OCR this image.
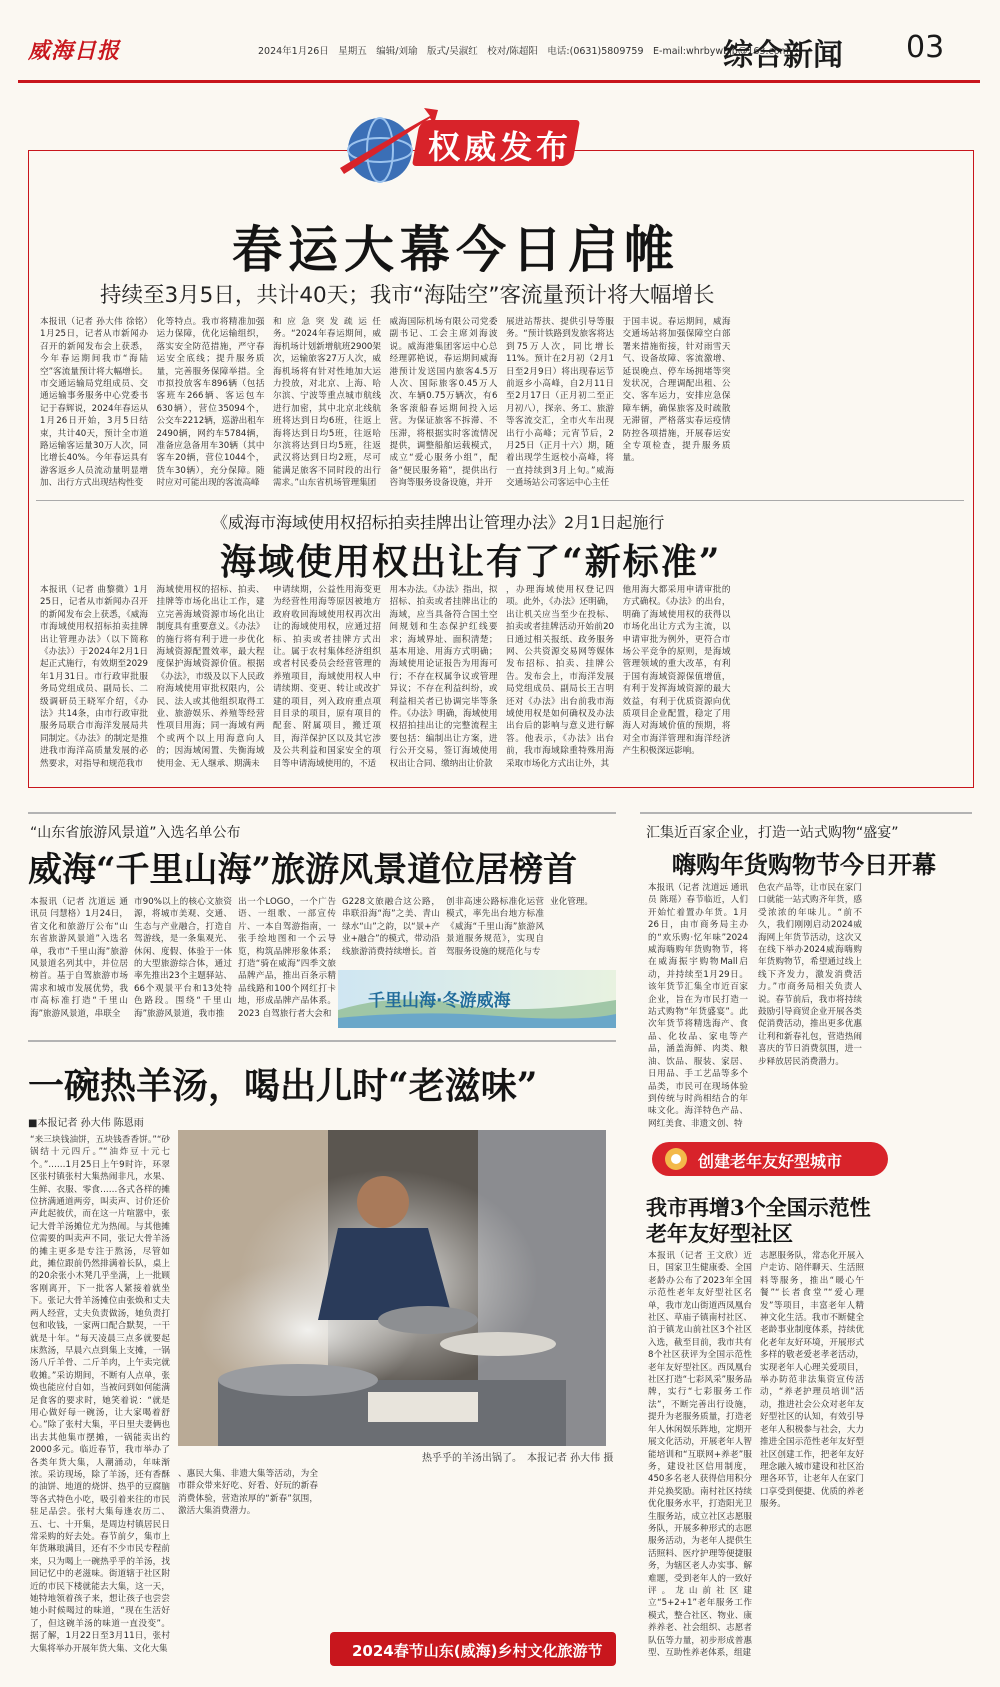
威海日报	2024年1月26日　星期五　编辑/刘瑜　版式/吴淑红　校对/陈超阳　电话:(0631)5809759　E-mail:whrbywbjb@163.com
综合新闻 03
权威发布
春运大幕今日启帷
持续至3月5日，共计40天；我市“海陆空”客流量预计将大幅增长
本报讯（记者 孙大伟 徐铭）1月25日，记者从市新闻办召开的新闻发布会上获悉，今年春运期间我市“海陆空”客流量预计将大幅增长。市交通运输局党组成员、交通运输事务服务中心党委书记于春辉说，2024年春运从1月26日开始，3月5日结束，共计40天，预计全市道路运输客运量30万人次，同比增长40%。今年春运具有游客返乡人员流动量明显增加、出行方式出现结构性变
化等特点。我市将精准加强运力保障，优化运输组织，落实安全防范措施，严守春运安全底线；提升服务质量，完善服务保障举措。全市拟投放客车896辆（包括客班车266辆、客运包车630辆），营位35094个，公交车2212辆，巡游出租车2490辆，网约车5784辆，准备应急备用车30辆（其中客车20辆，营位1044个，货车30辆），充分保障。随时应对可能出现的客流高峰
和应急突发疏运任务。“2024年春运期间，威海机场计划新增航班2900架次，运输旅客27万人次，威海机场将有针对性地加大运力投放，对北京、上海、哈尔滨、宁波等重点城市航线进行加密，其中北京北线航班将达到日均6班，往返上海将达到日均5班，往返哈尔滨将达到日均5班，往返武汉将达到日均2班，尽可能满足旅客不同时段的出行需求。”山东省机场管理集团
威海国际机场有限公司党委副书记、工会主席刘海波说。威海港集团客运中心总经理郭艳说，春运期间威海港预计发送国内旅客4.5万人次、国际旅客0.45万人次、车辆0.75万辆次，有6条客滚船春运期间投入运营。为保证旅客不拆滞、不压滞，将根据实时客流情况提供，调整船舶运载模式，成立“爱心服务小组”，配备“便民服务箱”，提供出行咨询等服务设备设施，并开
展进站帮扶、提供引导等服务。“预计铁路到发旅客将达到75万人次，同比增长11%。预计在2月初（2月1日至2月9日）将出现春运节前返乡小高峰，自2月11日至2月17日（正月初二至正月初八），探亲、务工、旅游等客流交汇，全市火车出现出行小高峰；元宵节后，2月25日（正月十六）期，随着出现学生返校小高峰，将一直持续到3月上旬。”威海交通场站公司客运中心主任
于国丰说。春运期间，威海交通场站将加强保障空白部署来措施衔接，针对雨雪天气、设备故障、客流激增、延误晚点、停车场拥堵等突发状况，合理调配出租、公交、客车运力，安排应急保障车辆，确保旅客及时疏散无滞留，严格落实春运疫情防控各项措施，开展春运安全专项检查，提升服务质量。
《威海市海域使用权招标拍卖挂牌出让管理办法》2月1日起施行
海域使用权出让有了“新标准”
本报讯（记者 曲黎微）1月25日，记者从市新闻办召开的新闻发布会上获悉，《威海市海域使用权招标拍卖挂牌出让管理办法》（以下简称《办法》）于2024年2月1日起正式施行，有效期至2029年1月31日。市行政审批服务局党组成员、副局长、二级调研员王晓军介绍，《办法》共14条，由市行政审批服务局联合市海洋发展局共同制定。《办法》的制定是推进我市海洋高质量发展的必然要求，对指导和规范我市
海域使用权的招标、拍卖、挂牌等市场化出让工作，建立完善海域资源市场化出让制度具有重要意义。《办法》的施行将有利于进一步优化海域资源配置效率，最大程度保护海域资源价值。根据《办法》，市级及以下人民政府海域使用审批权限内，公民、法人或其他组织取得工业、旅游娱乐、养殖等经营性项目用海；同一海域有两个或两个以上用海意向人的；因海域闲置、失衡海域使用金、无人继承、期满未
申请续期，公益性用海变更为经营性用海等原因被地方政府收回海域使用权再次出让的海域使用权，应通过招标、拍卖或者挂牌方式出让。属于农村集体经济组织或者村民委员会经营管理的养殖项目，海域使用权人申请续期、变更、转让或改扩建的项目，列入政府重点项目目录的项目，原有项目的配套、附属项目，搬迁项目，海洋保护区以及其它涉及公共利益和国家安全的项目等申请海域使用的，不适
用本办法。《办法》指出，拟招标、拍卖或者挂牌出让的海域，应当具备符合国土空间规划和生态保护红线要求；海域界址、面积清楚；基本用途、用海方式明确；海域使用论证报告为用海可行；不存在权属争议或管理异议；不存在利益纠纷，或利益相关者已协调完毕等条件。《办法》明确，海域使用权招拍挂出让的完整流程主要包括：编制出让方案，进行公开交易，签订海域使用权出让合同、缴纳出让价款
，办理海域使用权登记四项。此外，《办法》还明确，出让机关应当至少在投标、拍卖或者挂牌活动开始前20日通过相关报纸、政务服务网、公共资源交易网等媒体发布招标、拍卖、挂牌公告。发布会上，市海洋发展局党组成员、副局长王吉明还对《办法》出台前我市海域使用权是如何确权及办法出台后的影响与意义进行解答。他表示，《办法》出台前，我市海域除重特殊用海采取市场化方式出让外，其
他用海大都采用申请审批的方式确权。《办法》的出台，明确了海域使用权的获得以市场化出让方式为主流，以申请审批为例外，更符合市场公平竞争的原则，是海域管理领域的重大改革，有利于国有海域资源保值增值，有利于发挥海域资源的最大效益，有利于优质资源向优质项目企业配置，稳定了用海人对海域价值的预期，将对全市海洋管理和海洋经济产生积极深远影响。
“山东省旅游风景道”入选名单公布
威海“千里山海”旅游风景道位居榜首
本报讯（记者 沈道远 通讯员 闫慧格）1月24日，省文化和旅游厅公布“山东省旅游风景道”入选名单，我市“千里山海”旅游风景道名列其中，并位居榜首。基于自驾旅游市场需求和城市发展优势，我市高标准打造“千里山海”旅游风景道，串联全
市90%以上的核心文旅资源，将城市美观、交通、生态与产业融合，打造自驾游线，是一条集观光、休闲、度假、体验于一体的大型旅游综合体，通过率先推出23个主题驿站、66个观景平台和13处特色路段。围绕“千里山海”旅游风景道，我市推
出一个LOGO，一个广告语、一组歌、一部宣传片、一本自驾游指南，一张手绘地图和一个云导览，构筑品牌形象体系；打造“骑在威海”四季文旅品牌产品，推出百条示精品线路和100个网红打卡地，形成品牌产品体系。2023 自驾旅行者大会和
G228文旅融合这公路，串联沿海“海”之美、青山绿水“山”之韵，以“景+产业+融合”的模式，带动沿线旅游消费持续增长。首
创非高速公路标准化运营模式，率先出台地方标准《威海“千里山海”旅游风景道服务规范》，实现自驾服务设施的规范化与专
业化管理。
千里山海·冬游威海
汇集近百家企业，打造一站式购物“盛宴”
嗨购年货购物节今日开幕
本报讯（记者 沈道远 通讯员 陈瑶）春节临近，人们开始忙着置办年货。1月26日，由市商务局主办的“欢乐购·忆年味”2024威海嗨购年货购物节，将在威海振宇购物Mall启动，并持续至1月29日。该年货节汇集全市近百家企业，旨在为市民打造一站式购物“年货盛宴”。此次年货节将精选海产、食品、化妆品、家电等产品，涵盖海鲜、肉类、粮油、饮品、服装、家居、日用品、手工艺品等多个品类，市民可在现场体验到传统与时尚相结合的年味文化。海洋特色产品、网红美食、非遗文创、特
色农产品等，让市民在家门口就能一站式购齐年货，感受浓浓的年味儿。“前不久，我们刚刚启动2024威海网上年货节活动，这次又在线下举办2024威海嗨购年货购物节，希望通过线上线下齐发力，激发消费活力。”市商务局相关负责人说。春节前后，我市将持续鼓励引导商贸企业开展各类促消费活动，推出更多优惠让利和新春礼包，营造热闹喜庆的节日消费氛围，进一步释放居民消费潜力。
一碗热羊汤，喝出儿时“老滋味”
■本报记者 孙大伟 陈恩雨
热乎乎的羊汤出锅了。　本报记者 孙大伟 摄
“来三块钱油饼，五块钱香香饼。”“砂锅结十元四斤。”“油炸豆十元七个。”……1月25日上午9时许，环翠区张村镇张村大集热闹非凡，水果、生鲜、衣服、零食……各式各样的摊位挤满通道两旁，叫卖声、讨价还价声此起彼伏，而在这一片喧嚣中，张记大骨羊汤摊位尤为热闹。与其他摊位需要的叫卖声不同，张记大骨羊汤的摊主更多是专注于熬汤，尽管如此，摊位跟前仍然排满着长队，桌上的20余张小木凳几乎坐满，上一批顾客刚离开，下一批客人紧接着就坐下。张记大骨羊汤摊位由张焕和丈夫两人经营，丈夫负责做汤，她负责打包和收钱，一家两口配合默契，一干就是十年。“每天凌晨三点多就要起床熬汤，早晨六点到集上支摊，一锅汤八斤羊骨、二斤羊肉，上午卖完就收摊。”采访期间，不断有人点单，张焕也能应付自如，当被问到如何能满足食客的要求时，她笑着说：“就是用心做好每一碗汤，让大家喝着舒心。”除了张村大集，平日里夫妻俩也出去其他集市摆摊，一锅能卖出约2000多元。临近春节，我市举办了各类年货大集，人潮涌动，年味渐浓。采访现场，除了羊汤，还有香酥的油饼、地道的烧饼、热乎的豆腐脑等各式特色小吃，吸引着来往的市民驻足品尝。张村大集每逢农历二、五、七、十开集，是周边村镇居民日常采购的好去处。春节前夕，集市上年货琳琅满目，还有不少市民专程前来，只为喝上一碗热乎乎的羊汤，找回记忆中的老滋味。街道辖于社区附近的市民下楼就能去大集，这一天，她特地领着孩子来，想让孩子也尝尝她小时候喝过的味道，“现在生活好了，但这碗羊汤的味道一直没变”。据了解，1月22日至3月11日，张村大集将举办开展年货大集、文化大集
、惠民大集、非遗大集等活动，为全市群众带来好吃、好看、好玩的新春消费体验，营造浓厚的“新春”氛围，激活大集消费潜力。
2024春节山东(威海)乡村文化旅游节
创建老年友好型城市
我市再增3个全国示范性
老年友好型社区
本报讯（记者 王文欣）近日，国家卫生健康委、全国老龄办公布了2023年全国示范性老年友好型社区名单，我市龙山街道西凤凰台社区、草庙子镇南村社区、泊于镇龙山前社区3个社区入选，截至目前，我市共有8个社区获评为全国示范性老年友好型社区。西凤凰台社区打造“七彩风采”服务品牌，实行“七彩服务工作法”，不断完善出行设施，提升为老服务质量，打造老年人休闲娱乐阵地，定期开展文化活动，开展老年人智能培训和“互联网+养老”服务，建设社区信用制度，450多名老人获得信用积分并兑换奖励。南村社区持续优化服务水平，打造阳光卫生服务站，成立社区志愿服务队，开展多种形式的志愿服务活动，为老年人提供生活照料、医疗护理等便捷服务，为辖区老人办实事、解难题，受到老年人的一致好评。龙山前社区建立“5+2+1”老年服务工作模式，整合社区、物业、康养养老、社会组织、志愿者队伍等力量，初步形成普惠型、互助性养老体系，组建
志愿服务队，常态化开展入户走访、陪伴聊天、生活照料等服务，推出“暖心午餐”“长者食堂”“爱心理发”等项目，丰富老年人精神文化生活。我市不断健全老龄事业制度体系，持续优化老年友好环境，开展形式多样的敬老爱老孝老活动，实现老年人心理关爱项目，举办防范非法集资宣传活动，“养老护理员培训”活动，推进社会公众对老年友好型社区的认知，有效引导老年人积极参与社会，大力推进全国示范性老年友好型社区创建工作，把老年友好理念融入城市建设和社区治理各环节，让老年人在家门口享受到便捷、优质的养老服务。
